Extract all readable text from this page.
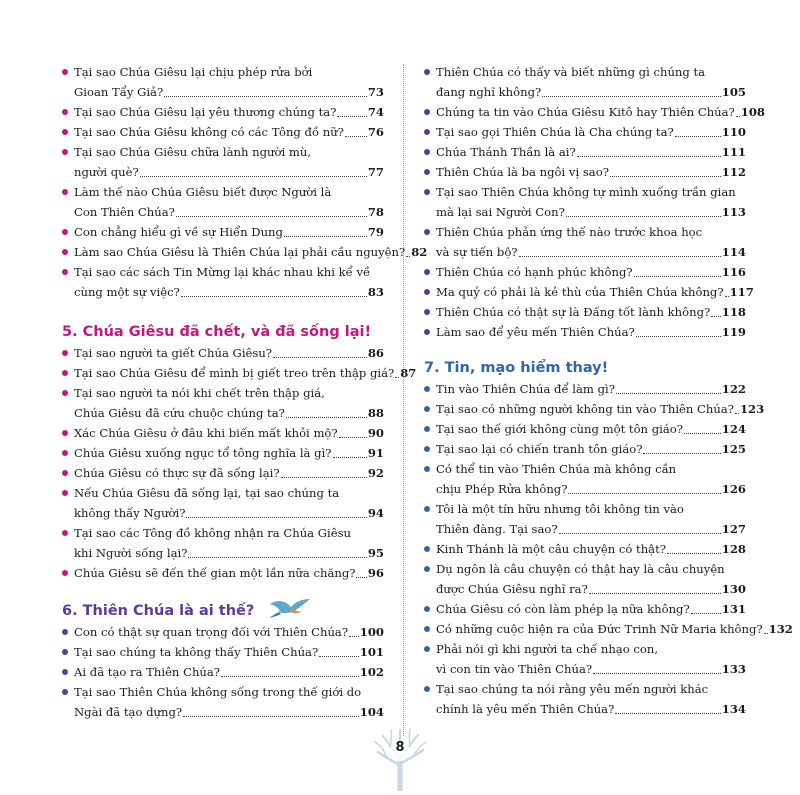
Tại sao Chúa Giêsu lại chịu phép rửa bởi
Gioan Tẩy Giả?	73
Tại sao Chúa Giêsu lại yêu thương chúng ta?	74
Tại sao Chúa Giêsu không có các Tông đồ nữ? 76
Tại sao Chúa Giêsu chữa lành người mù,
người què?	77
Làm thế nào Chúa Giêsu biết được Người là
Con Thiên Chúa?	78
Con chẳng hiểu gì về sự Hiển Dung	79
Làm sao Chúa Giêsu là Thiên Chúa lại phải cầu nguyện? 82
Tại sao các sách Tin Mừng lại khác nhau khi kể về
cùng một sự việc?	83
5. Chúa Giêsu đã chết, và đã sống lại!
Tại sao người ta giết Chúa Giêsu?	86
Tại sao Chúa Giêsu để mình bị giết treo trên thập giá? 87
Tại sao người ta nói khi chết trên thập giá,
Chúa Giêsu đã cứu chuộc chúng ta?	88
Xác Chúa Giêsu ở đâu khi biến mất khỏi mộ?	90
Chúa Giêsu xuống ngục tổ tông nghĩa là gì?	91
Chúa Giêsu có thực sự đã sống lại?	92
Nếu Chúa Giêsu đã sống lại, tại sao chúng ta
không thấy Người?	94
Tại sao các Tông đồ không nhận ra Chúa Giêsu
khi Người sống lại?	95
Chúa Giêsu sẽ đến thế gian một lần nữa chăng? 96
6. Thiên Chúa là ai thế?
Con có thật sự quan trọng đối với Thiên Chúa? 100
Tại sao chúng ta không thấy Thiên Chúa?	101
Ai đã tạo ra Thiên Chúa?	102
Tại sao Thiên Chúa không sống trong thế giới do
Ngài đã tạo dựng?	104
Thiên Chúa có thấy và biết những gì chúng ta
đang nghĩ không?	105
Chúng ta tin vào Chúa Giêsu Kitô hay Thiên Chúa? 108
Tại sao gọi Thiên Chúa là Cha chúng ta?	110
Chúa Thánh Thần là ai?	111
Thiên Chúa là ba ngôi vị sao?	112
Tại sao Thiên Chúa không tự mình xuống trần gian
mà lại sai Người Con?	113
Thiên Chúa phản ứng thế nào trước khoa học
và sự tiến bộ?	114
Thiên Chúa có hạnh phúc không?	116
Ma quỷ có phải là kẻ thù của Thiên Chúa không? 117
Thiên Chúa có thật sự là Đấng tốt lành không? 118
Làm sao để yêu mến Thiên Chúa?	119
7. Tin, mạo hiểm thay!
Tin vào Thiên Chúa để làm gì?	122
Tại sao có những người không tin vào Thiên Chúa? 123
Tại sao thế giới không cùng một tôn giáo?	124
Tại sao lại có chiến tranh tôn giáo?	125
Có thể tin vào Thiên Chúa mà không cần
chịu Phép Rửa không?	126
Tôi là một tín hữu nhưng tôi không tin vào
Thiên đàng. Tại sao?	127
Kinh Thánh là một câu chuyện có thật?	128
Dụ ngôn là câu chuyện có thật hay là câu chuyện
được Chúa Giêsu nghĩ ra?	130
Chúa Giêsu có còn làm phép lạ nữa không?	131
Có những cuộc hiện ra của Đức Trinh Nữ Maria không? 132
Phải nói gì khi người ta chế nhạo con,
vì con tin vào Thiên Chúa?	133
Tại sao chúng ta nói rằng yêu mến người khác
chính là yêu mến Thiên Chúa?	134
8
